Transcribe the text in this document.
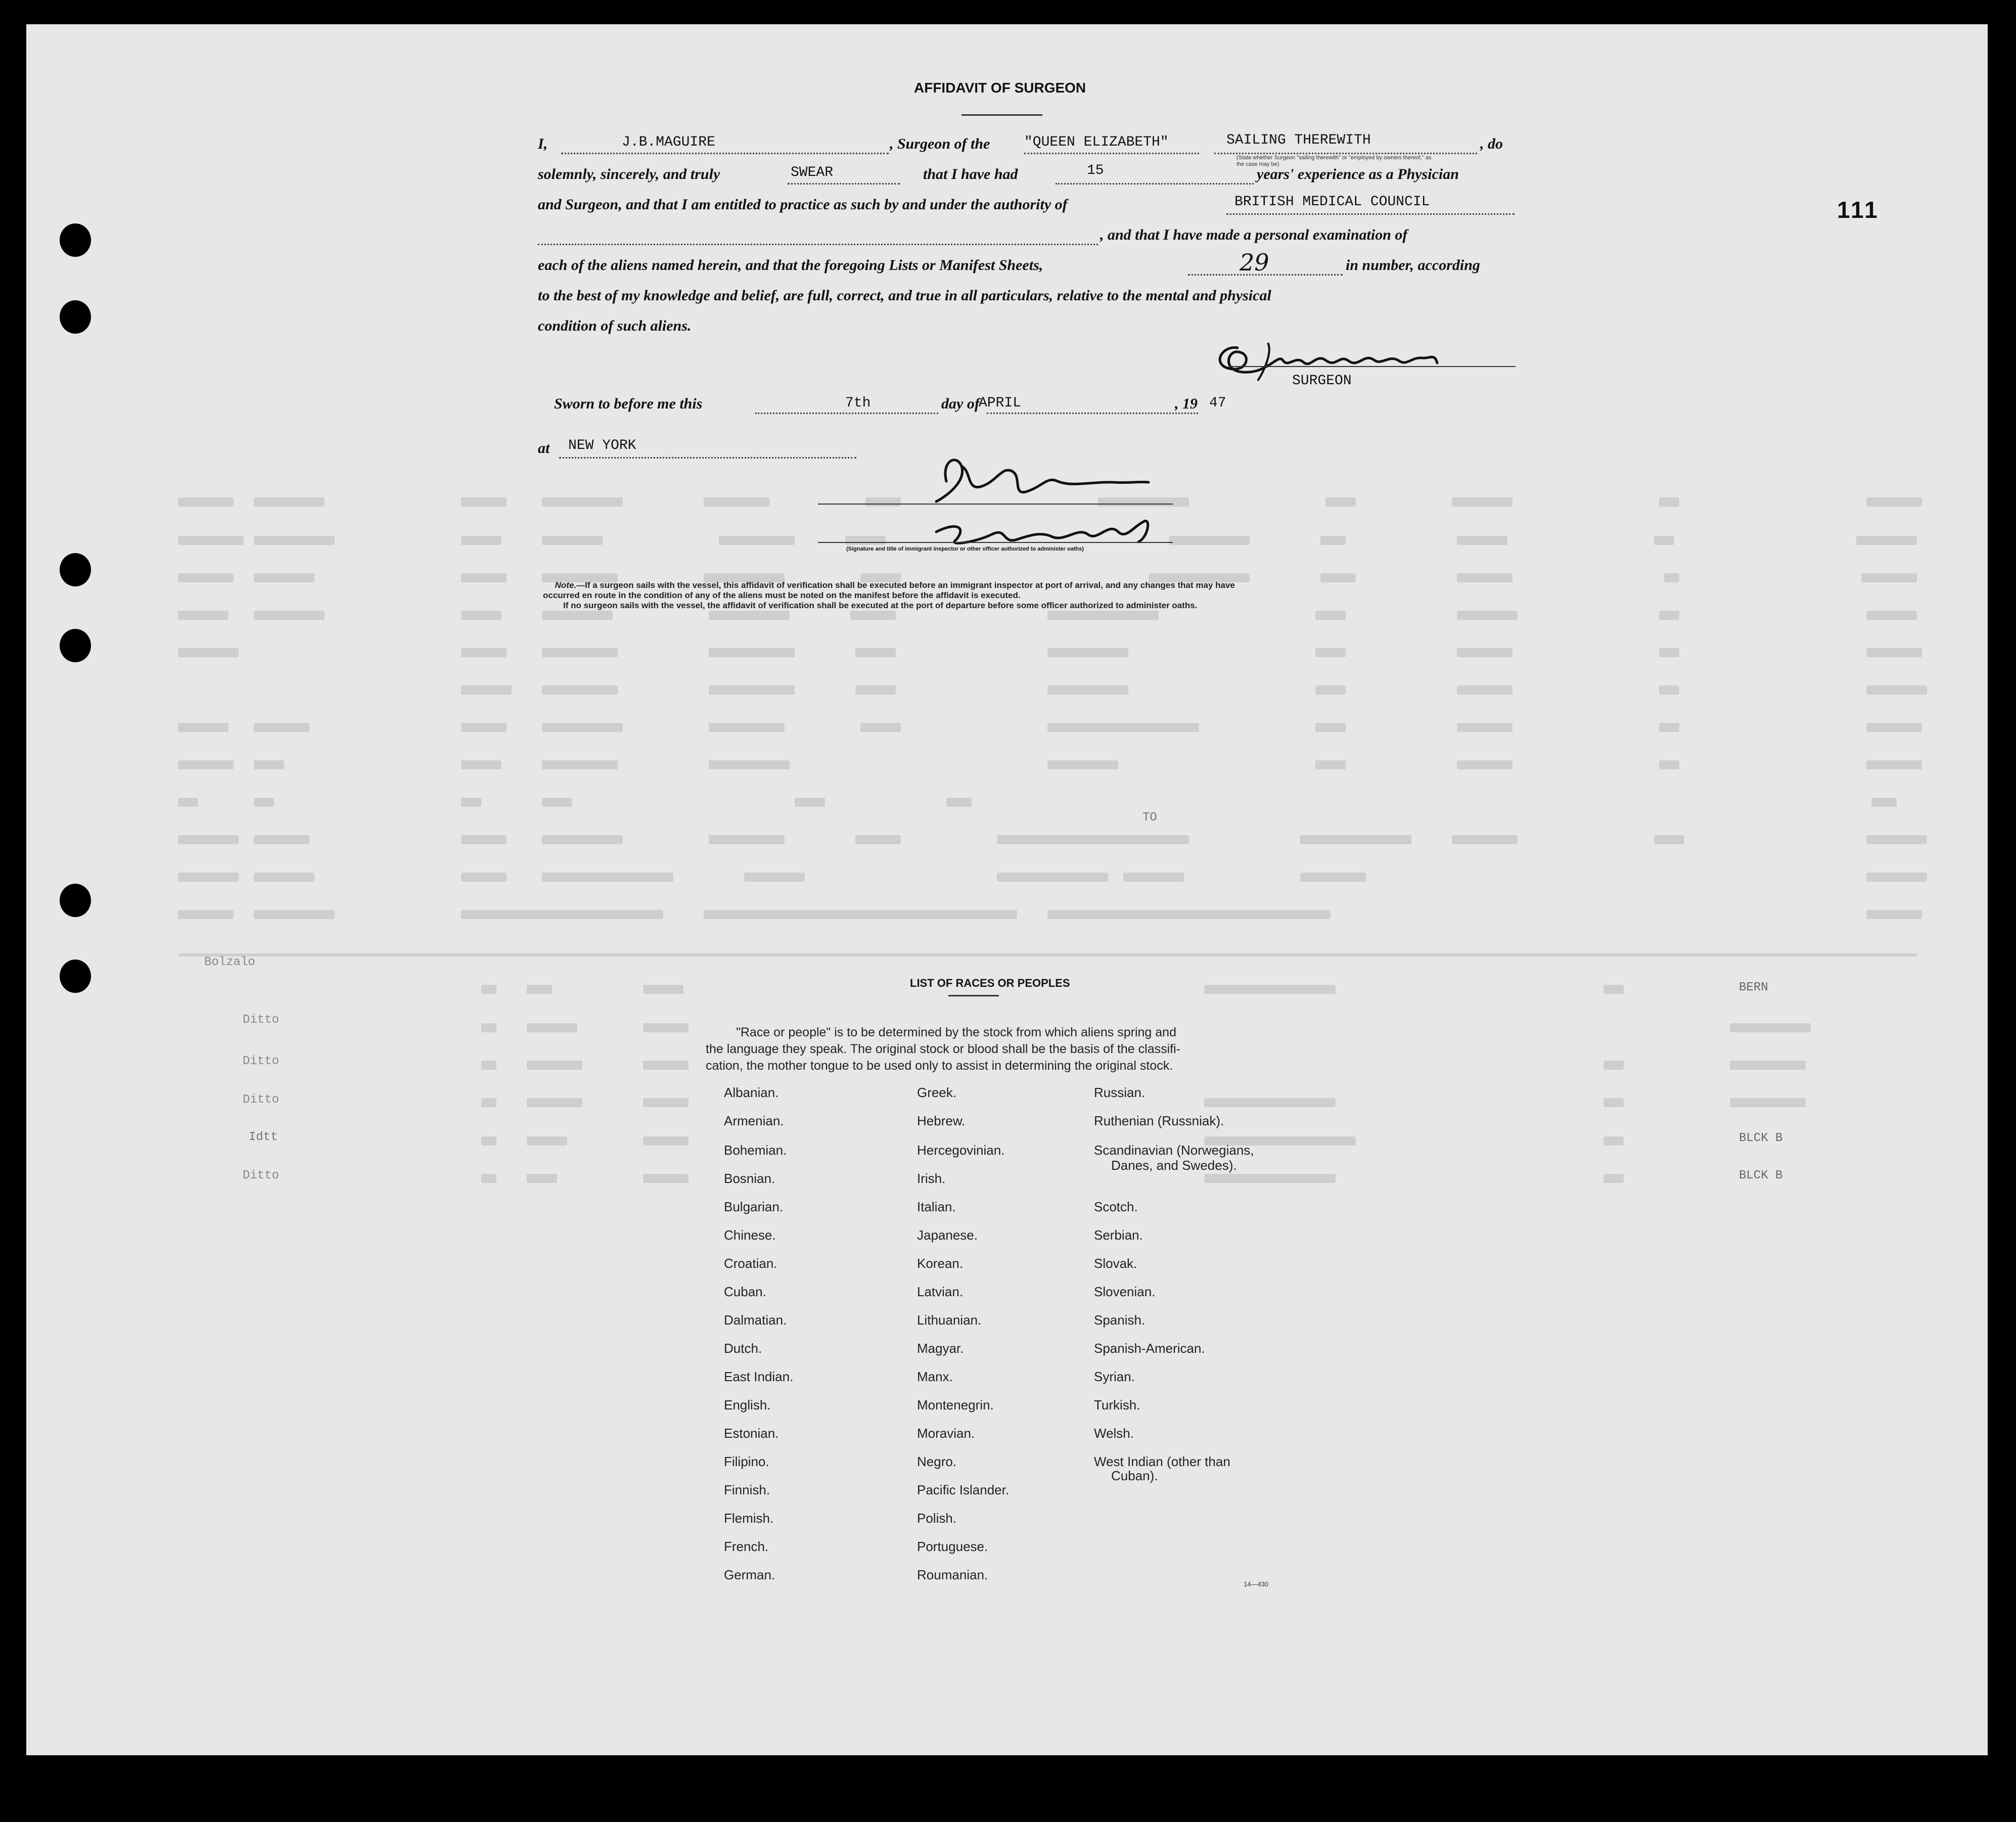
111
Bolzalo
Ditto
Ditto
Ditto
Idtt
Ditto
TO
BERN
BLCK B
BLCK B
AFFIDAVIT OF SURGEON
I,	J.B.MAGUIRE	, Surgeon of the "QUEEN ELIZABETH"	SAILING THEREWITH	, do
(State whether Surgeon "sailing therewith" or "employed by owners thereof," as the case may be)
solemnly, sincerely, and truly	SWEAR	that I have had	15	years' experience as a Physician
and Surgeon, and that I am entitled to practice as such by and under the authority of	BRITISH MEDICAL COUNCIL
, and that I have made a personal examination of
each of the aliens named herein, and that the foregoing Lists or Manifest Sheets,	29	in number, according
to the best of my knowledge and belief, are full, correct, and true in all particulars, relative to the mental and physical
condition of such aliens.
SURGEON
Sworn to before me this	7th	day of
APRIL	, 19 47
at NEW YORK
(Signature and title of immigrant inspector or other officer authorized to administer oaths)
Note.—If a surgeon sails with the vessel, this affidavit of verification shall be executed before an immigrant inspector at port of arrival, and any changes that may have
occurred en route in the condition of any of the aliens must be noted on the manifest before the affidavit is executed.
If no surgeon sails with the vessel, the affidavit of verification shall be executed at the port of departure before some officer authorized to administer oaths.
LIST OF RACES OR PEOPLES
"Race or people" is to be determined by the stock from which aliens spring and
the language they speak. The original stock or blood shall be the basis of the classifi-
cation, the mother tongue to be used only to assist in determining the original stock.
Albanian.
Armenian.
Bohemian.
Bosnian.
Bulgarian.
Chinese.
Croatian.
Cuban.
Dalmatian.
Dutch.
East Indian.
English.
Estonian.
Filipino.
Finnish.
Flemish.
French.
German.
Greek.
Hebrew.
Hercegovinian.
Irish.
Italian.
Japanese.
Korean.
Latvian.
Lithuanian.
Magyar.
Manx.
Montenegrin.
Moravian.
Negro.
Pacific Islander.
Polish.
Portuguese.
Roumanian.
Russian.
Ruthenian (Russniak).
Scandinavian (Norwegians,
Danes, and Swedes).
Scotch.
Serbian.
Slovak.
Slovenian.
Spanish.
Spanish-American.
Syrian.
Turkish.
Welsh.
West Indian (other than
Cuban).
14—430
